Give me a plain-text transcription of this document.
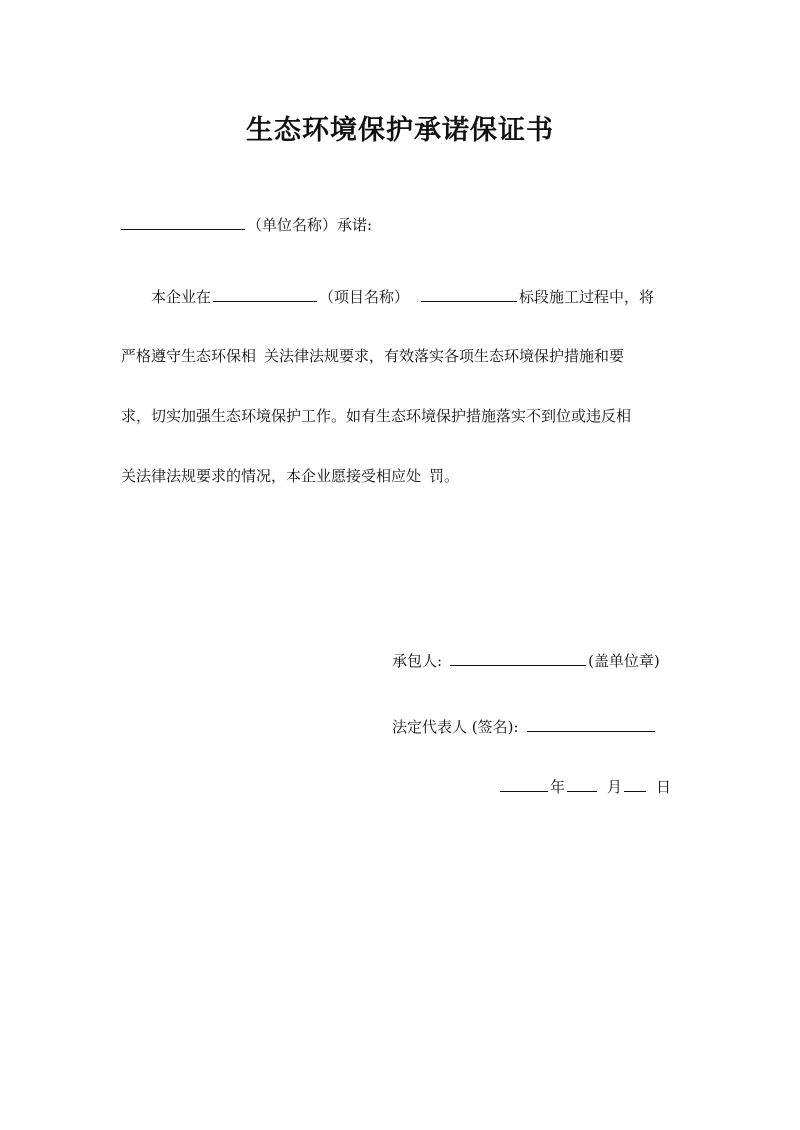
生态环境保护承诺保证书
（单位名称）承诺:
本企业在	（项目名称）	标段施工过程中，将
严格遵守生态环保相 关法律法规要求，有效落实各项生态环境保护措施和要
求，切实加强生态环境保护工作。如有生态环境保护措施落实不到位或违反相
关法律法规要求的情况，本企业愿接受相应处 罚。
承包人:	(盖单位章)
法定代表人 (签名):
年	月 日
